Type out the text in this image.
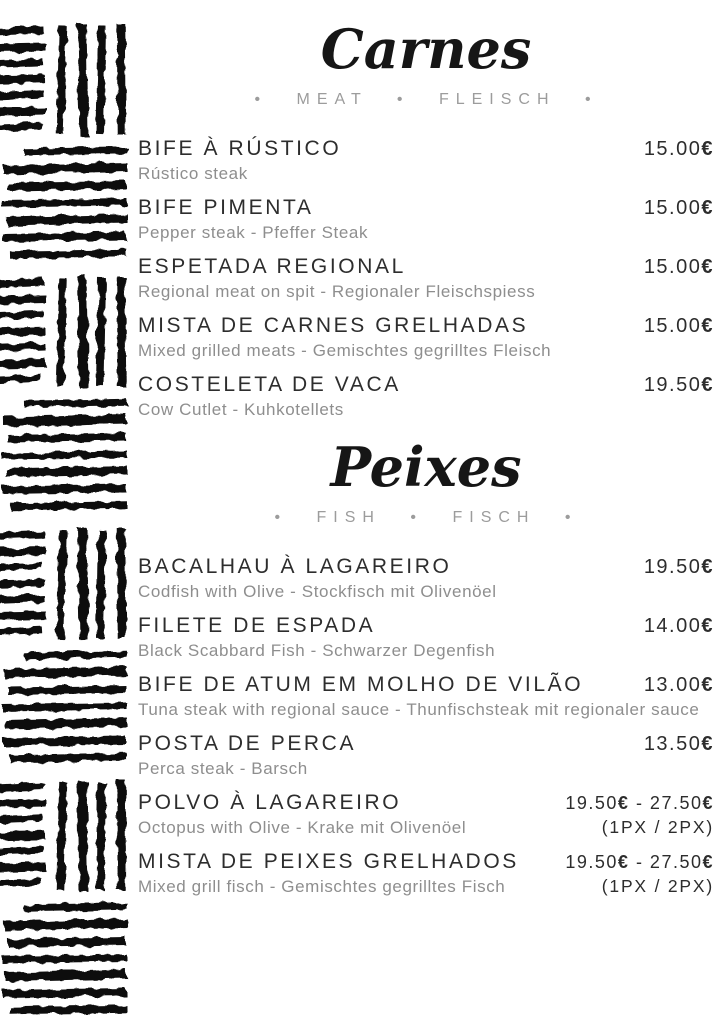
Carnes
• MEAT • FLEISCH •
BIFE À RÚSTICO	15.00€
Rústico steak
BIFE PIMENTA	15.00€
Pepper steak - Pfeffer Steak
ESPETADA REGIONAL	15.00€
Regional meat on spit - Regionaler Fleischspiess
MISTA DE CARNES GRELHADAS	15.00€
Mixed grilled meats - Gemischtes gegrilltes Fleisch
COSTELETA DE VACA	19.50€
Cow Cutlet - Kuhkotellets
Peixes
• FISH • FISCH •
BACALHAU À LAGAREIRO	19.50€
Codfish with Olive - Stockfisch mit Olivenöel
FILETE DE ESPADA	14.00€
Black Scabbard Fish - Schwarzer Degenfish
BIFE DE ATUM EM MOLHO DE VILÃO	13.00€
Tuna steak with regional sauce - Thunfischsteak mit regionaler sauce
POSTA DE PERCA	13.50€
Perca steak - Barsch
POLVO À LAGAREIRO	19.50€ - 27.50€
Octopus with Olive - Krake mit Olivenöel	(1PX / 2PX)
MISTA DE PEIXES GRELHADOS	19.50€ - 27.50€
Mixed grill fisch - Gemischtes gegrilltes Fisch	(1PX / 2PX)
